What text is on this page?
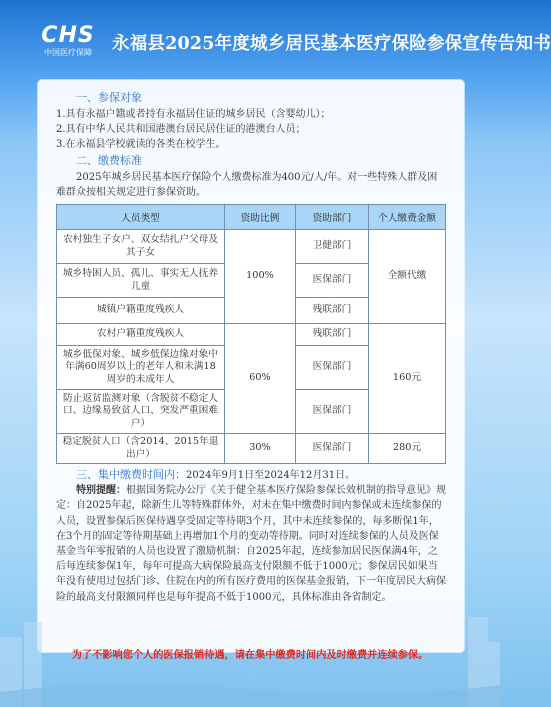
CHS
中国医疗保障	永福县2025年度城乡居民基本医疗保险参保宣传告知书
一、参保对象

1.具有永福户籍或者持有永福居住证的城乡居民（含婴幼儿）；

2.具有中华人民共和国港澳台居民居住证的港澳台人员；

3.在永福县学校就读的各类在校学生。

二、缴费标准

2025年城乡居民基本医疗保险个人缴费标准为400元/人/年。对一些特殊人群及困难群众按相关规定进行参保资助。

人员类型	资助比例	资助部门	个人缴费金额
农村独生子女户、双女结扎户父母及其子女	100%	卫健部门	全额代缴
城乡特困人员、孤儿、事实无人抚养儿童		医保部门	
城镇户籍重度残疾人		残联部门	
农村户籍重度残疾人	60%	残联部门	160元
城乡低保对象、城乡低保边缘对象中年满60周岁以上的老年人和未满18周岁的未成年人		医保部门	
防止返贫监测对象（含脱贫不稳定人口、边缘易致贫人口、突发严重困难户）		医保部门	
稳定脱贫人口（含2014、2015年退出户）	30%	医保部门	280元

三、集中缴费时间内：2024年9月1日至2024年12月31日。

特别提醒：根据国务院办公厅《关于健全基本医疗保险参保长效机制的指导意见》规定：自2025年起，除新生儿等特殊群体外，对未在集中缴费时间内参保或未连续参保的人员，设置参保后医保待遇享受固定等待期3个月，其中未连续参保的，每多断保1年，在3个月的固定等待期基础上再增加1个月的变动等待期。同时对连续参保的人员及医保基金当年零报销的人员也设置了激励机制：自2025年起，连续参加居民医保满4年，之后每连续参保1年，每年可提高大病保险最高支付限额不低于1000元；参保居民如果当年没有使用过包括门诊、住院在内的所有医疗费用的医保基金报销，下一年度居民大病保险的最高支付限额同样也是每年提高不低于1000元，具体标准由各省制定。

为了不影响您个人的医保报销待遇，请在集中缴费时间内及时缴费并连续参保。
